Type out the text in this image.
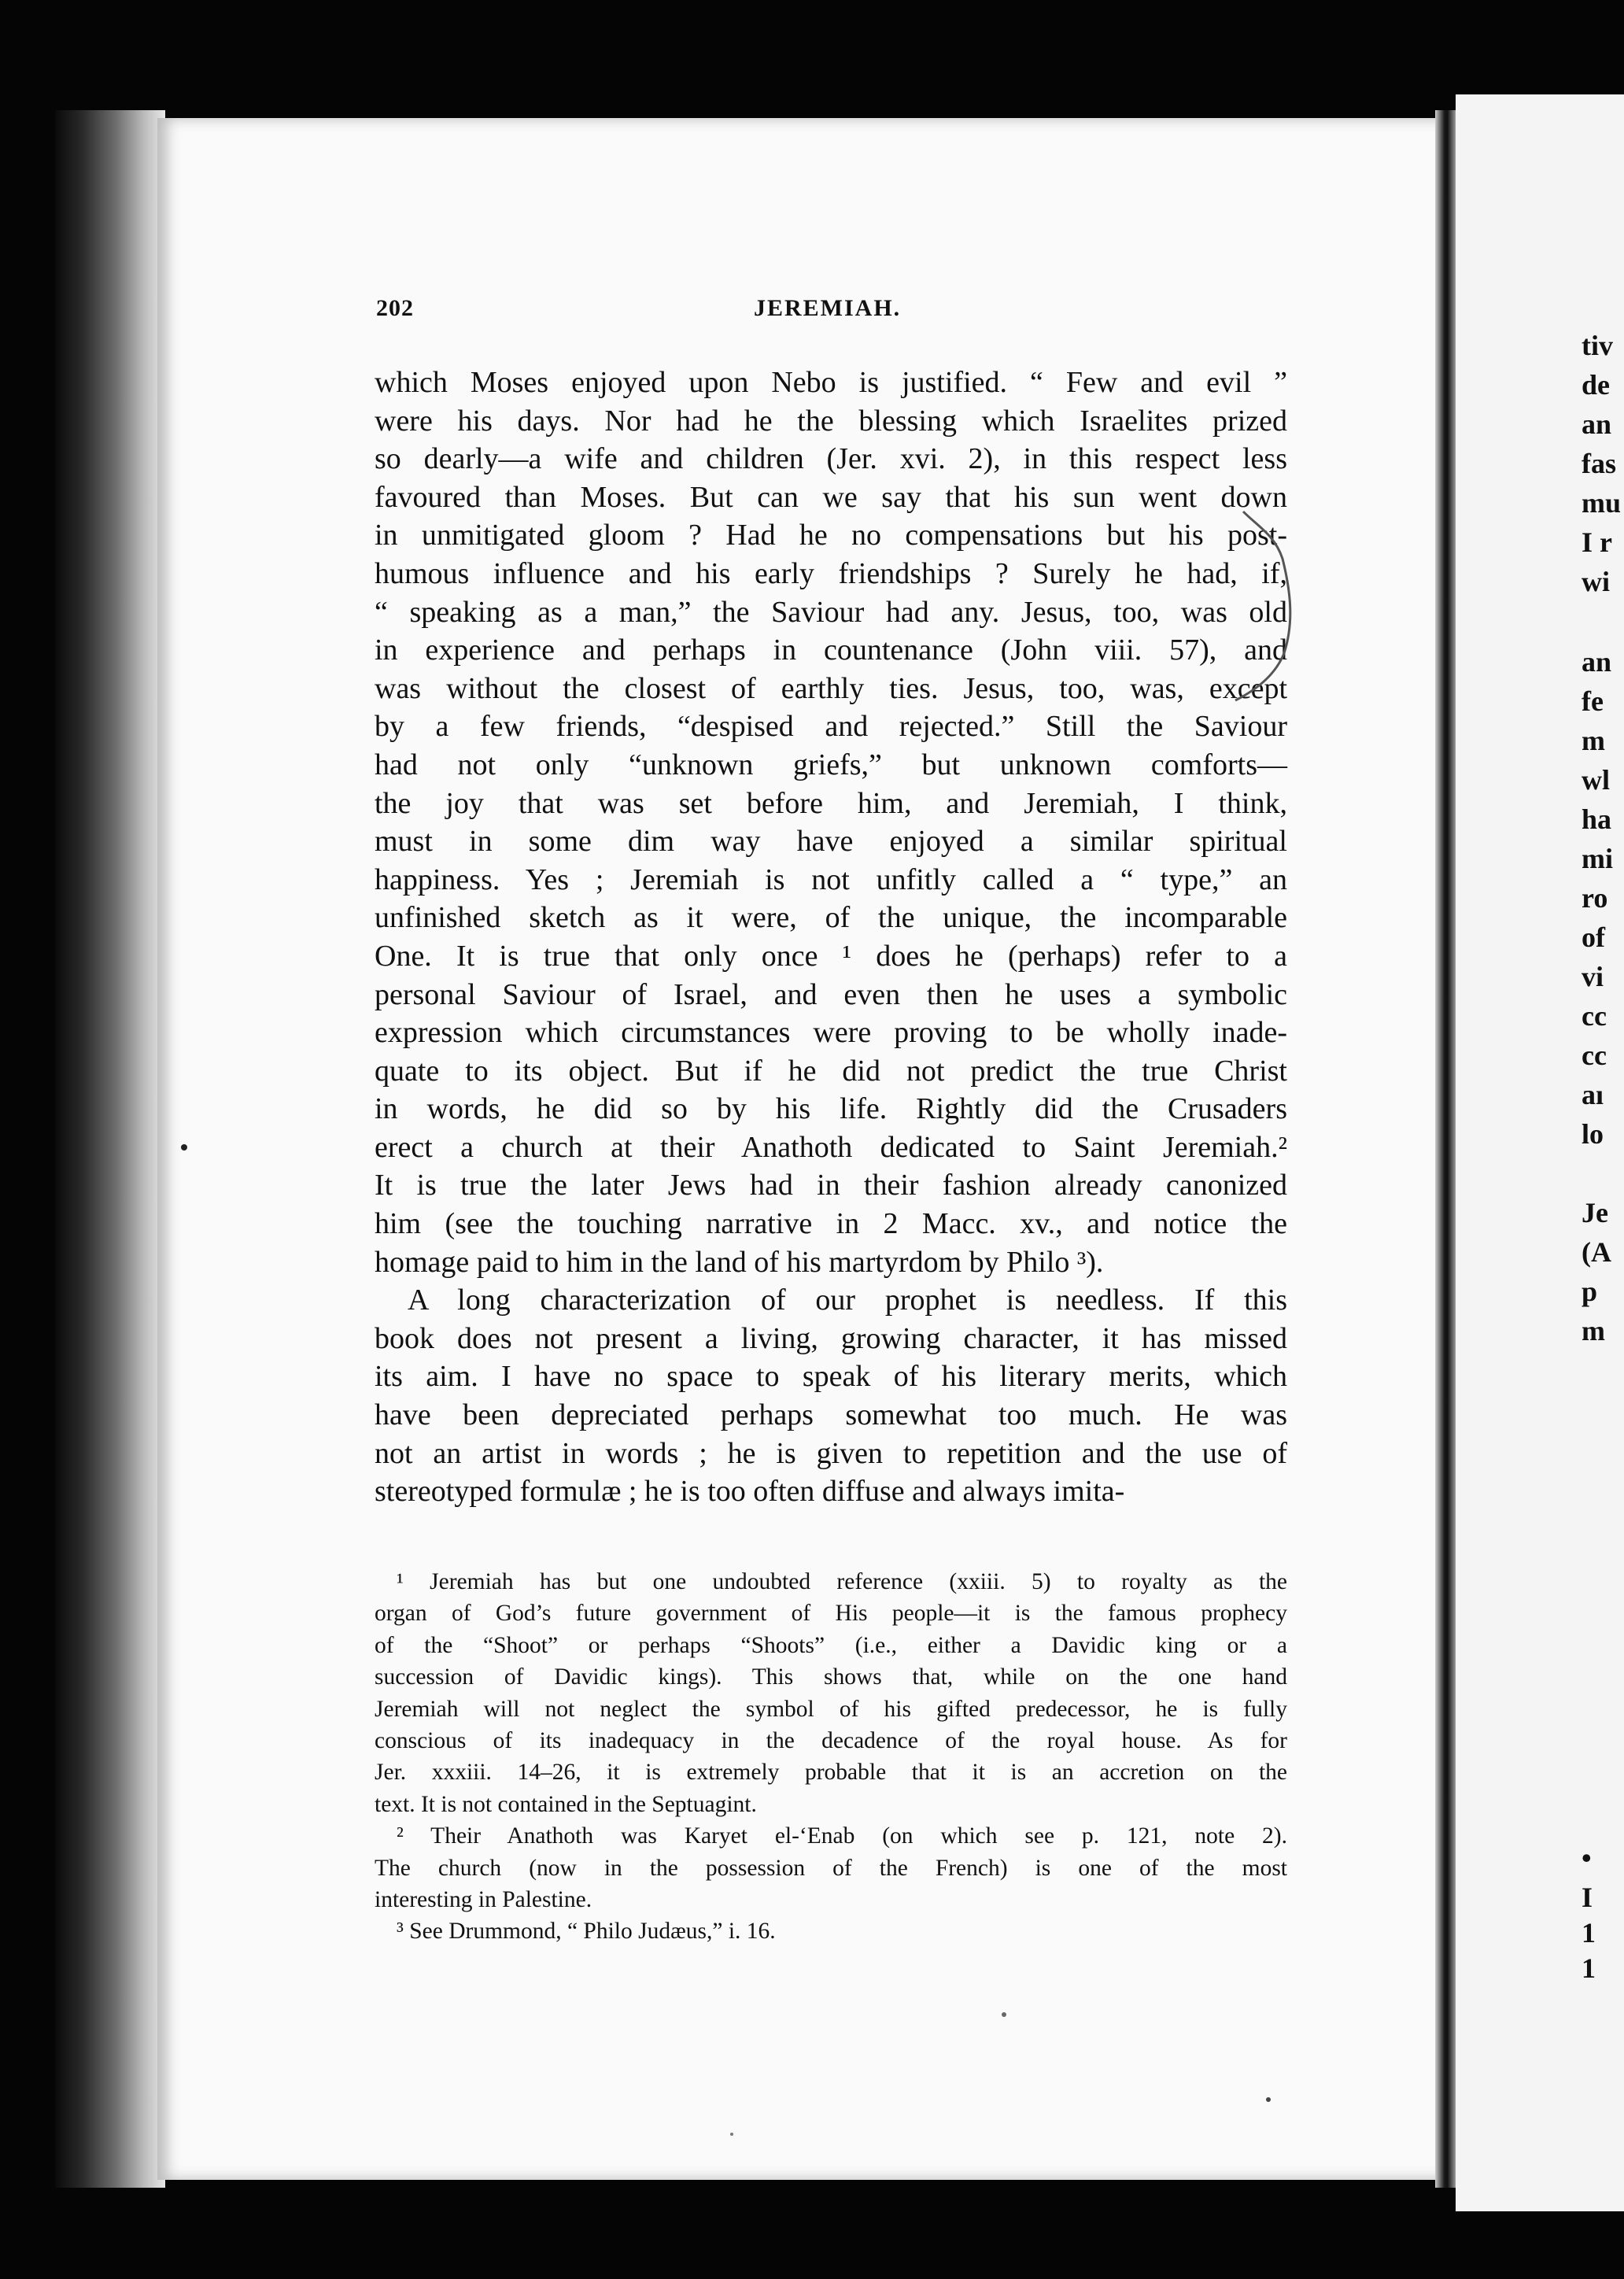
tiv
de
an
fas
mu
I r
wi
an
fe
m
wl
ha
mi
ro
of
vi
cc
cc
aı
lo
Je
(A
p
m
•
I
1
1
202	JEREMIAH.
which Moses enjoyed upon Nebo is justified. “ Few and evil ”
were his days. Nor had he the blessing which Israelites prized
so dearly—a wife and children (Jer. xvi. 2), in this respect less
favoured than Moses. But can we say that his sun went down
in unmitigated gloom ? Had he no compensations but his post-
humous influence and his early friendships ? Surely he had, if,
“ speaking as a man,” the Saviour had any. Jesus, too, was old
in experience and perhaps in countenance (John viii. 57), and
was without the closest of earthly ties. Jesus, too, was, except
by a few friends, “despised and rejected.” Still the Saviour
had not only “unknown griefs,” but unknown comforts—
the joy that was set before him, and Jeremiah, I think,
must in some dim way have enjoyed a similar spiritual
happiness. Yes ; Jeremiah is not unfitly called a “ type,” an
unfinished sketch as it were, of the unique, the incomparable
One. It is true that only once ¹ does he (perhaps) refer to a
personal Saviour of Israel, and even then he uses a symbolic
expression which circumstances were proving to be wholly inade-
quate to its object. But if he did not predict the true Christ
in words, he did so by his life. Rightly did the Crusaders
erect a church at their Anathoth dedicated to Saint Jeremiah.²
It is true the later Jews had in their fashion already canonized
him (see the touching narrative in 2 Macc. xv., and notice the
homage paid to him in the land of his martyrdom by Philo ³).
A long characterization of our prophet is needless. If this
book does not present a living, growing character, it has missed
its aim. I have no space to speak of his literary merits, which
have been depreciated perhaps somewhat too much. He was
not an artist in words ; he is given to repetition and the use of
stereotyped formulæ ; he is too often diffuse and always imita-
¹ Jeremiah has but one undoubted reference (xxiii. 5) to royalty as the
organ of God’s future government of His people—it is the famous prophecy
of the “Shoot” or perhaps “Shoots” (i.e., either a Davidic king or a
succession of Davidic kings). This shows that, while on the one hand
Jeremiah will not neglect the symbol of his gifted predecessor, he is fully
conscious of its inadequacy in the decadence of the royal house. As for
Jer. xxxiii. 14–26, it is extremely probable that it is an accretion on the
text. It is not contained in the Septuagint.
² Their Anathoth was Karyet el-‘Enab (on which see p. 121, note 2).
The church (now in the possession of the French) is one of the most
interesting in Palestine.
³ See Drummond, “ Philo Judæus,” i. 16.
